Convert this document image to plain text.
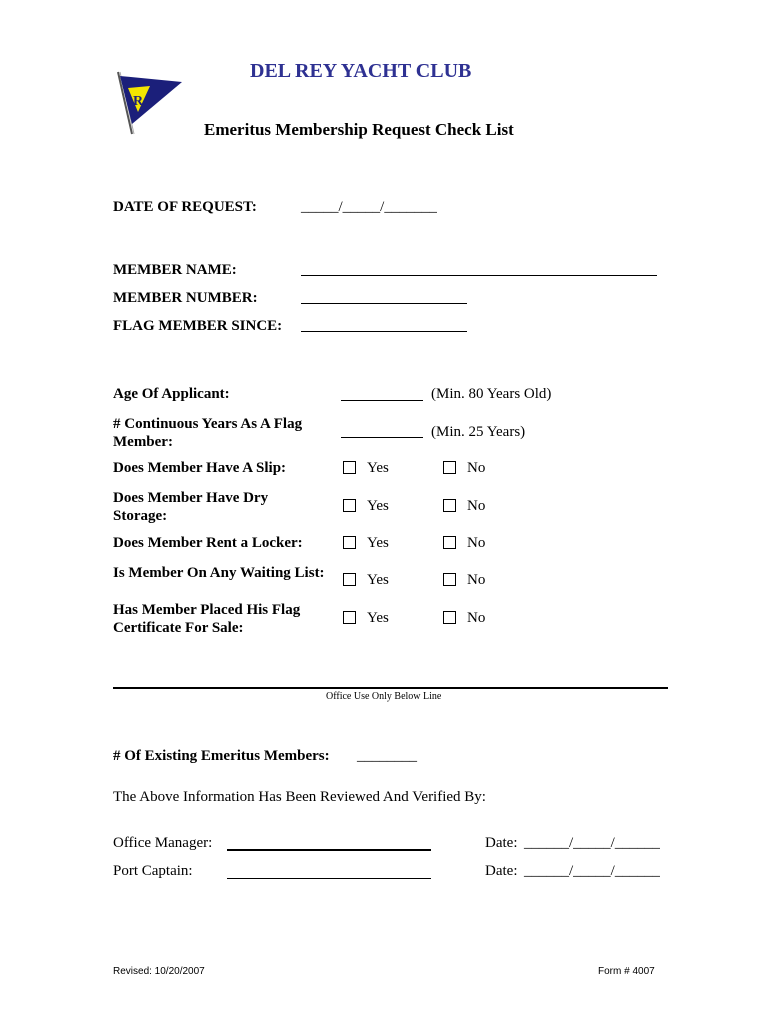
R
DEL REY YACHT CLUB
Emeritus Membership Request Check List
DATE OF REQUEST:	_____/_____/_______
MEMBER NAME:
MEMBER NUMBER:
FLAG MEMBER SINCE:
Age Of Applicant:	(Min. 80 Years Old)
# Continuous Years As A Flag Member:
(Min. 25 Years)
Does Member Have A Slip:	Yes	No
Does Member Have Dry Storage:
Yes	No
Does Member Rent a Locker:	Yes	No
Is Member On Any Waiting List:	Yes	No
Has Member Placed His Flag Certificate For Sale:
Yes	No
Office Use Only Below Line
# Of Existing Emeritus Members: ________
The Above Information Has Been Reviewed And Verified By:
Office Manager:	Date: ______/_____/______
Port Captain:	Date: ______/_____/______
Revised: 10/20/2007	Form # 4007
